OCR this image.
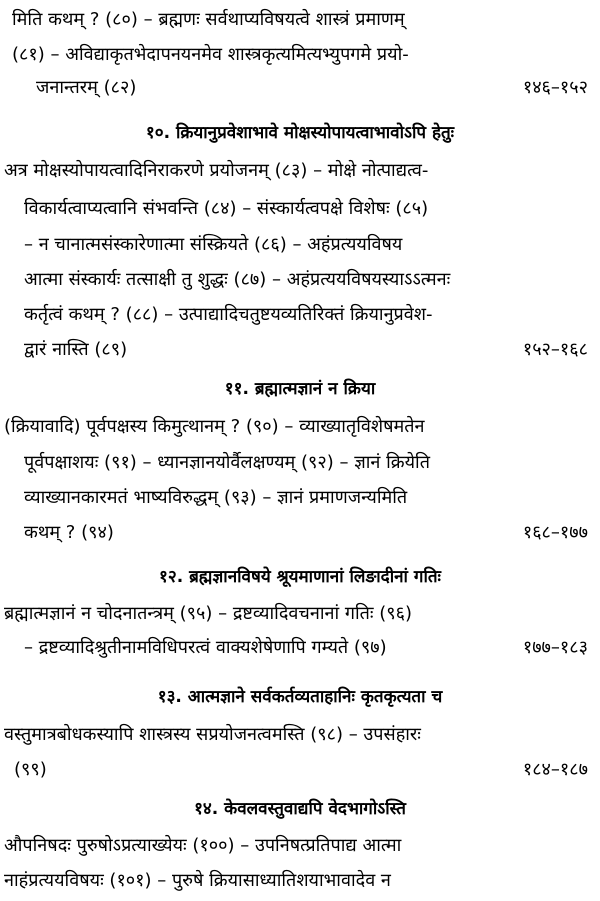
मिति कथम् ? (८०) – ब्रह्मणः सर्वथाप्यविषयत्वे शास्त्रं प्रमाणम्
(८१) – अविद्याकृतभेदापनयनमेव शास्त्रकृत्यमित्यभ्युपगमे प्रयो-
जनान्तरम् (८२)	१४६–१५२
१०. क्रियानुप्रवेशाभावे मोक्षस्योपायत्वाभावोऽपि हेतुः
अत्र मोक्षस्योपायत्वादिनिराकरणे प्रयोजनम् (८३) – मोक्षे नोत्पाद्यत्व-
विकार्यत्वाप्यत्वानि संभवन्ति (८४) – संस्कार्यत्वपक्षे विशेषः (८५)
– न चानात्मसंस्कारेणात्मा संस्क्रियते (८६) – अहंप्रत्ययविषय
आत्मा संस्कार्यः तत्साक्षी तु शुद्धः (८७) – अहंप्रत्ययविषयस्याऽऽत्मनः
कर्तृत्वं कथम् ? (८८) – उत्पाद्यादिचतुष्टयव्यतिरिक्तं क्रियानुप्रवेश-
द्वारं नास्ति (८९)	१५२–१६८
११. ब्रह्मात्मज्ञानं न क्रिया
(क्रियावादि) पूर्वपक्षस्य किमुत्थानम् ? (९०) – व्याख्यातृविशेषमतेन
पूर्वपक्षाशयः (९१) – ध्यानज्ञानयोर्वैलक्षण्यम् (९२) – ज्ञानं क्रियेति
व्याख्यानकारमतं भाष्यविरुद्धम् (९३) – ज्ञानं प्रमाणजन्यमिति
कथम् ? (९४)	१६८–१७७
१२. ब्रह्मज्ञानविषये श्रूयमाणानां लिङादीनां गतिः
ब्रह्मात्मज्ञानं न चोदनातन्त्रम् (९५) – द्रष्टव्यादिवचनानां गतिः (९६)
– द्रष्टव्यादिश्रुतीनामविधिपरत्वं वाक्यशेषेणापि गम्यते (९७)	१७७–१८३
१३. आत्मज्ञाने सर्वकर्तव्यताहानिः कृतकृत्यता च
वस्तुमात्रबोधकस्यापि शास्त्रस्य सप्रयोजनत्वमस्ति (९८) – उपसंहारः
(९९)	१८४–१८७
१४. केवलवस्तुवाद्यपि वेदभागोऽस्ति
औपनिषदः पुरुषोऽप्रत्याख्येयः (१००) – उपनिषत्प्रतिपाद्य आत्मा
नाहंप्रत्ययविषयः (१०१) – पुरुषे क्रियासाध्यातिशयाभावादेव न
